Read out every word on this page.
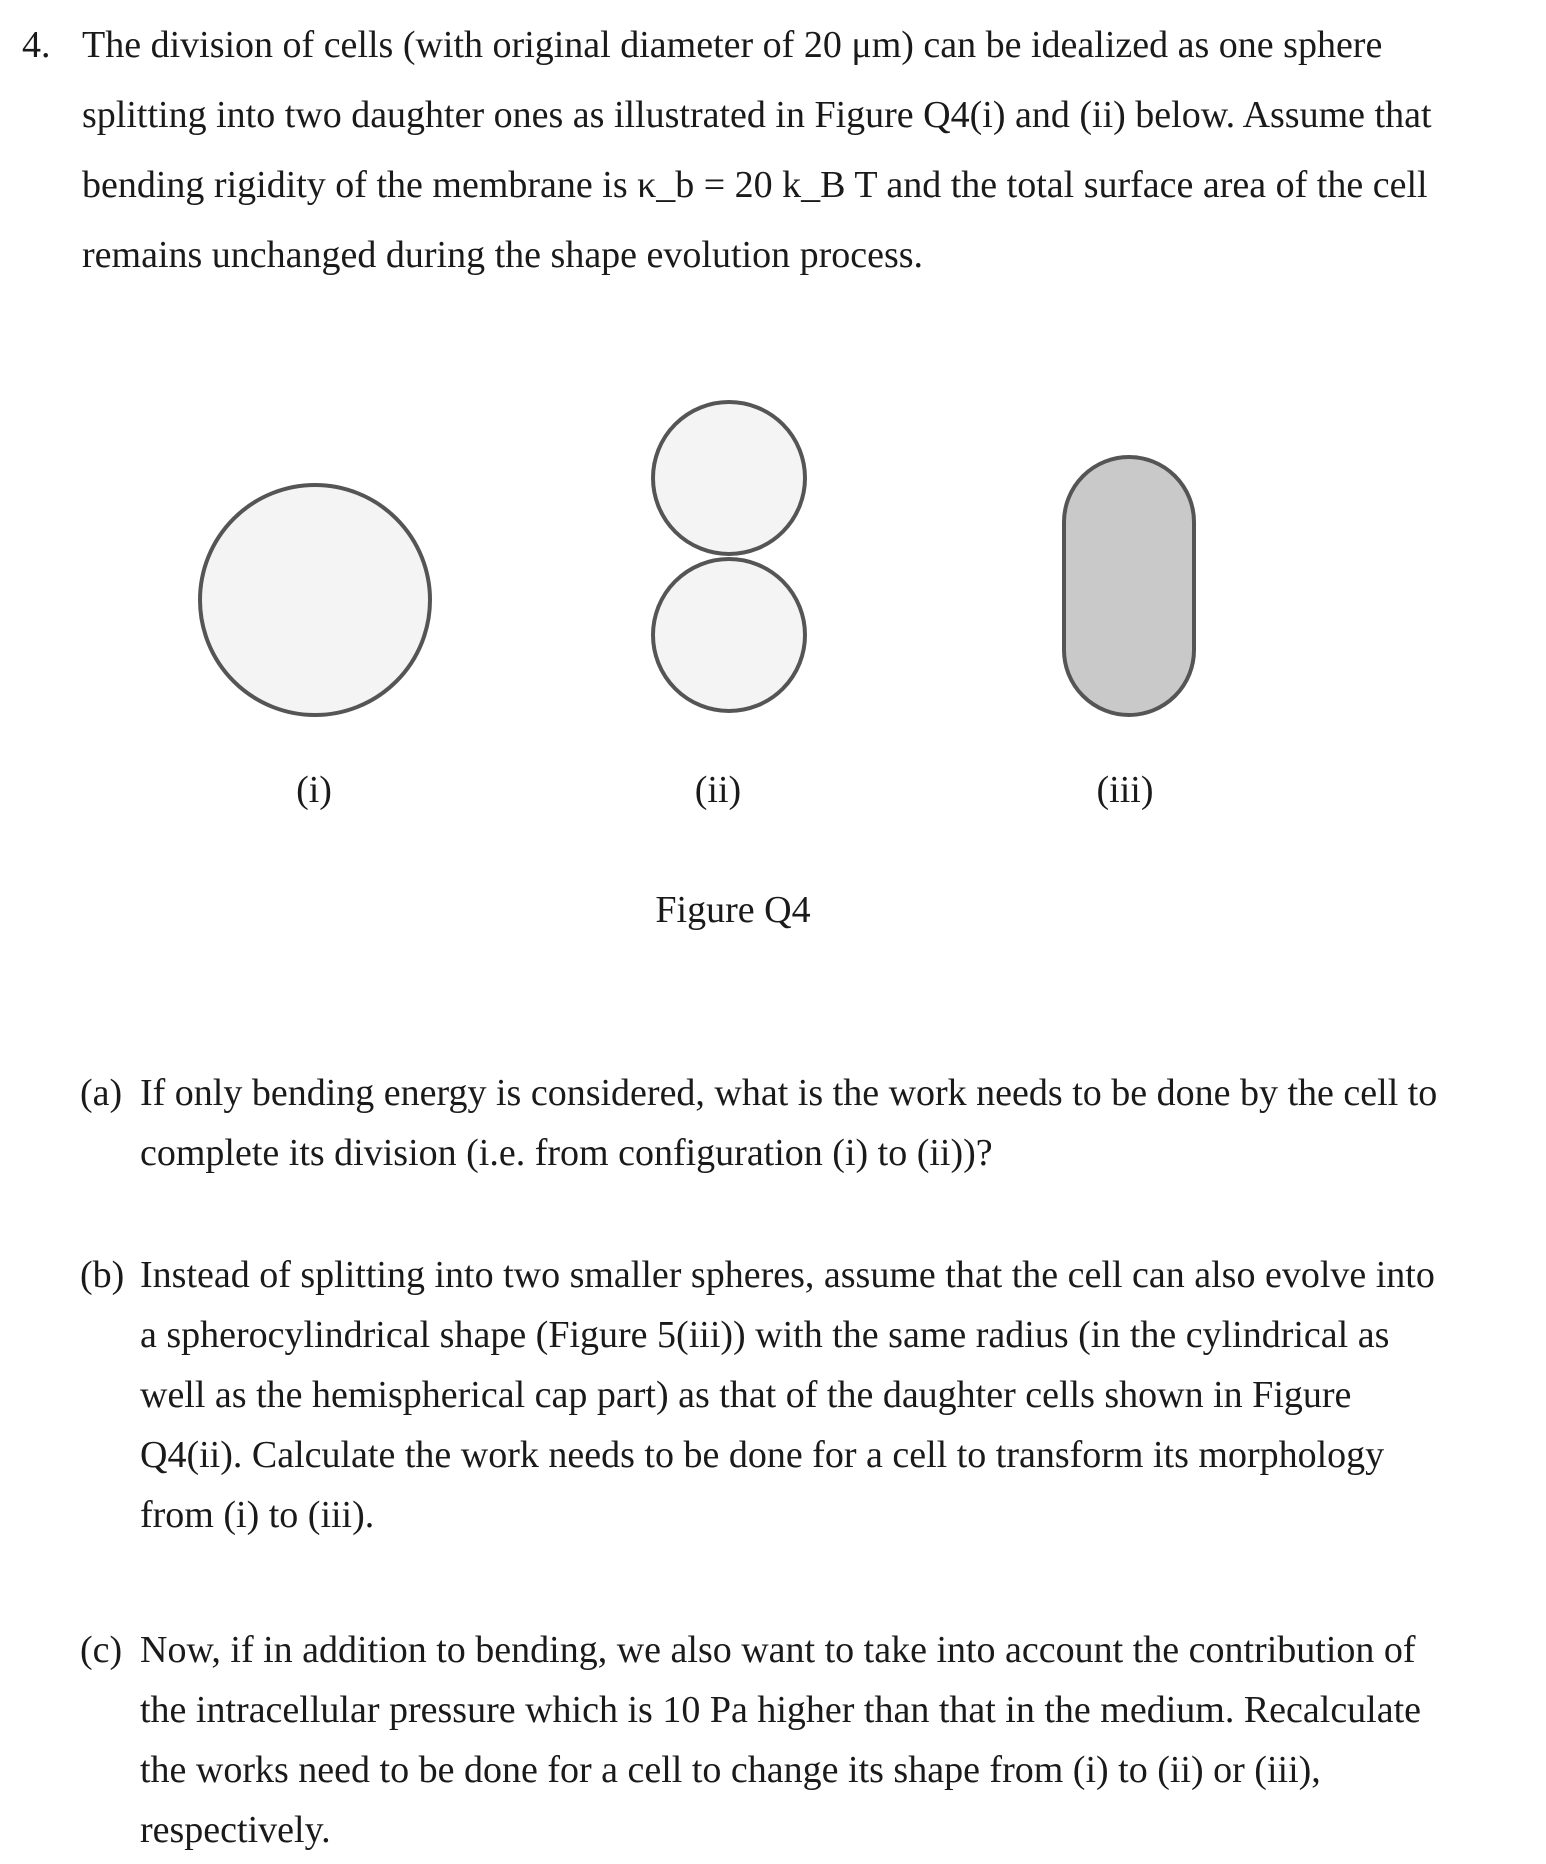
4. The division of cells (with original diameter of 20 μm) can be idealized as one sphere

splitting into two daughter ones as illustrated in Figure Q4(i) and (ii) below. Assume that

bending rigidity of the membrane is κ_b = 20 k_B T and the total surface area of the cell

remains unchanged during the shape evolution process.

(i)	(ii)	(iii)
Figure Q4
(a) If only bending energy is considered, what is the work needs to be done by the cell to

complete its division (i.e. from configuration (i) to (ii))?

(b) Instead of splitting into two smaller spheres, assume that the cell can also evolve into

a spherocylindrical shape (Figure 5(iii)) with the same radius (in the cylindrical as

well as the hemispherical cap part) as that of the daughter cells shown in Figure

Q4(ii). Calculate the work needs to be done for a cell to transform its morphology

from (i) to (iii).

(c) Now, if in addition to bending, we also want to take into account the contribution of

the intracellular pressure which is 10 Pa higher than that in the medium. Recalculate

the works need to be done for a cell to change its shape from (i) to (ii) or (iii),

respectively.
